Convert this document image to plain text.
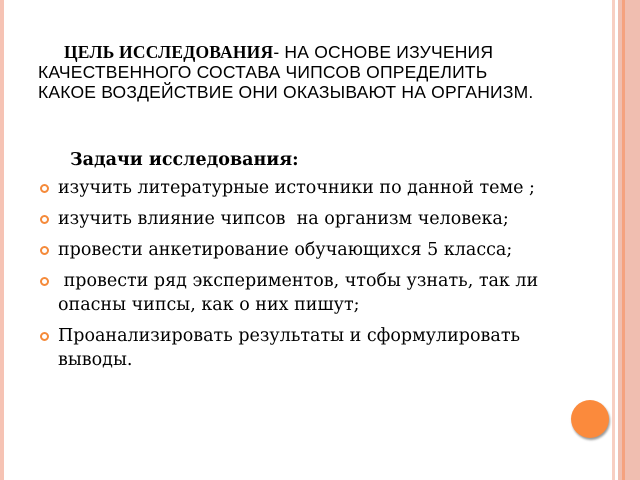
ЦЕЛЬ ИССЛЕДОВАНИЯ- НА ОСНОВЕ ИЗУЧЕНИЯ
КАЧЕСТВЕННОГО СОСТАВА ЧИПСОВ ОПРЕДЕЛИТЬ
КАКОЕ ВОЗДЕЙСТВИЕ ОНИ ОКАЗЫВАЮТ НА ОРГАНИЗМ.
Задачи исследования:
изучить литературные источники по данной теме ;
изучить влияние чипсов  на организм человека;
провести анкетирование обучающихся 5 класса;
провести ряд экспериментов, чтобы узнать, так ли опасны чипсы, как о них пишут;
Проанализировать результаты и сформулировать выводы.
